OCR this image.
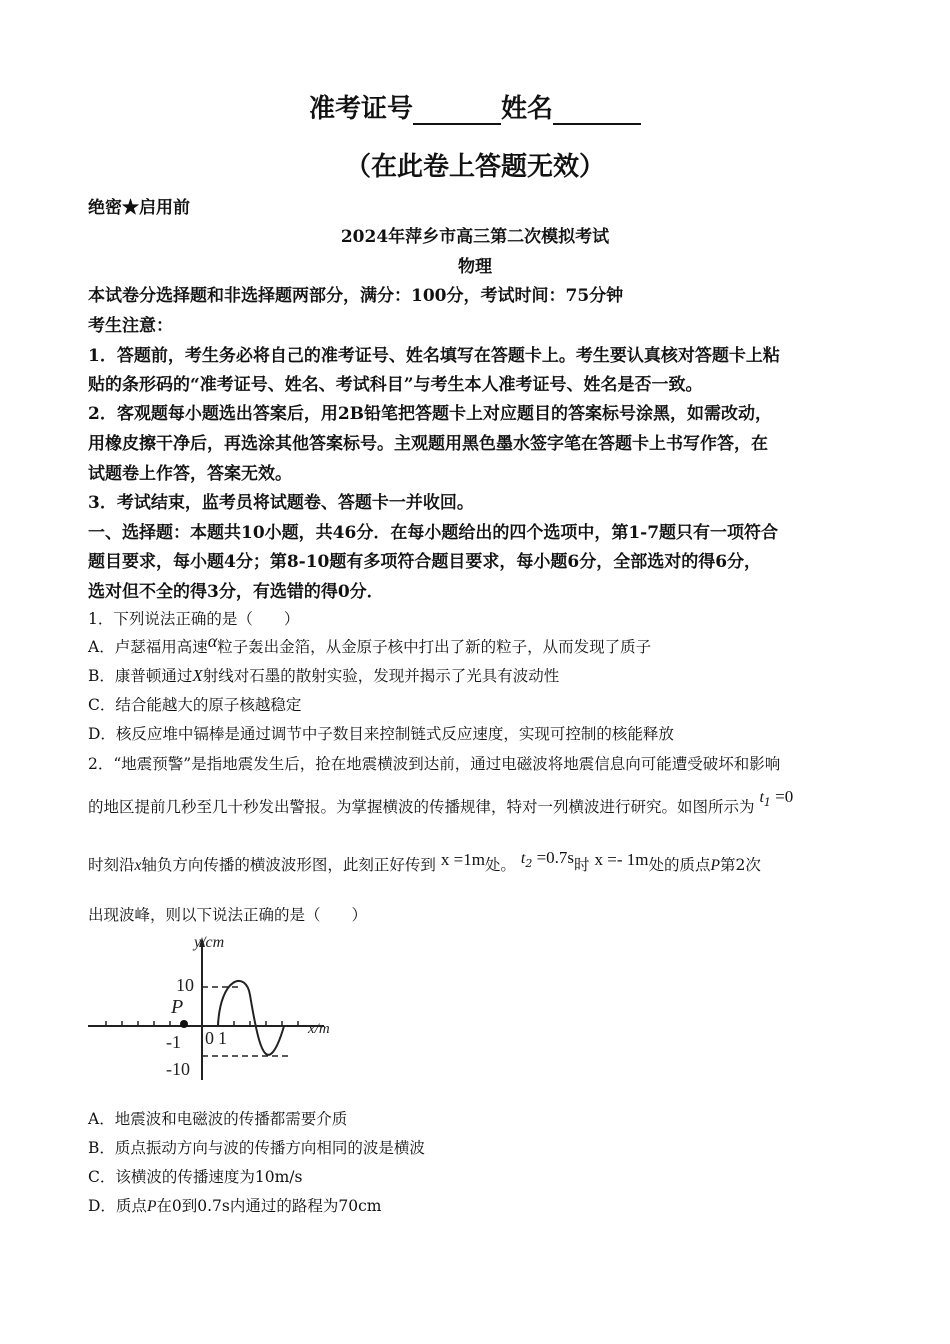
准考证号	姓名
（在此卷上答题无效）
绝密★启用前
2024年萍乡市高三第二次模拟考试
物理
本试卷分选择题和非选择题两部分，满分：100分，考试时间：75分钟
考生注意：
1．答题前，考生务必将自己的准考证号、姓名填写在答题卡上。考生要认真核对答题卡上粘
贴的条形码的“准考证号、姓名、考试科目”与考生本人准考证号、姓名是否一致。
2．客观题每小题选出答案后，用2B铅笔把答题卡上对应题目的答案标号涂黑，如需改动，
用橡皮擦干净后，再选涂其他答案标号。主观题用黑色墨水签字笔在答题卡上书写作答，在
试题卷上作答，答案无效。
3．考试结束，监考员将试题卷、答题卡一并收回。
一、选择题：本题共10小题，共46分．在每小题给出的四个选项中，第1-7题只有一项符合
题目要求，每小题4分；第8-10题有多项符合题目要求，每小题6分，全部选对的得6分，
选对但不全的得3分，有选错的得0分．
1．下列说法正确的是（　　）
A．卢瑟福用高速α粒子轰出金箔，从金原子核中打出了新的粒子，从而发现了质子
B．康普顿通过X射线对石墨的散射实验，发现并揭示了光具有波动性
C．结合能越大的原子核越稳定
D．核反应堆中镉棒是通过调节中子数目来控制链式反应速度，实现可控制的核能释放
2．“地震预警”是指地震发生后，抢在地震横波到达前，通过电磁波将地震信息向可能遭受破坏和影响
的地区提前几秒至几十秒发出警报。为掌握横波的传播规律，特对一列横波进行研究。如图所示为 $t_1 =0$
时刻沿x轴负方向传播的横波波形图，此刻正好传到 x =1m处。 $t_2 =0.7s$时 x =- 1m处的质点P第2次
出现波峰，则以下说法正确的是（　　）
y/cm
x/m
P
10
-10
-1 0 1
A．地震波和电磁波的传播都需要介质
B．质点振动方向与波的传播方向相同的波是横波
C．该横波的传播速度为10m/s
D．质点P在0到0.7s内通过的路程为70cm
